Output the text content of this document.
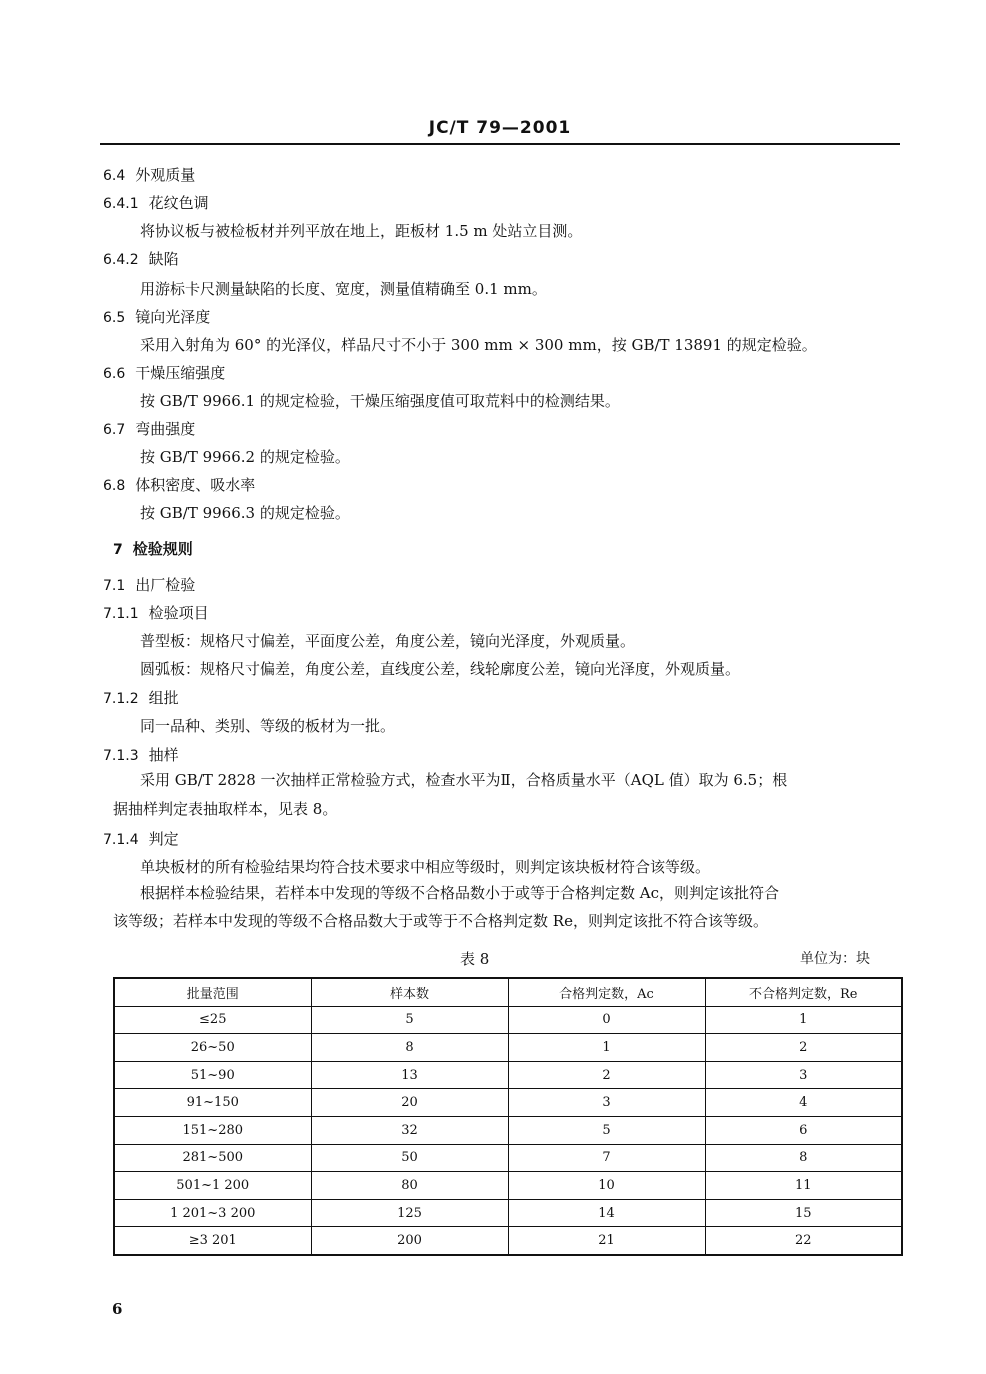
JC/T 79—2001
6.4 外观质量
6.4.1 花纹色调
将协议板与被检板材并列平放在地上，距板材 1.5 m 处站立目测。
6.4.2 缺陷
用游标卡尺测量缺陷的长度、宽度，测量值精确至 0.1 mm。
6.5 镜向光泽度
采用入射角为 60° 的光泽仪，样品尺寸不小于 300 mm × 300 mm，按 GB/T 13891 的规定检验。
6.6 干燥压缩强度
按 GB/T 9966.1 的规定检验，干燥压缩强度值可取荒料中的检测结果。
6.7 弯曲强度
按 GB/T 9966.2 的规定检验。
6.8 体积密度、吸水率
按 GB/T 9966.3 的规定检验。
7 检验规则
7.1 出厂检验
7.1.1 检验项目
普型板：规格尺寸偏差，平面度公差，角度公差，镜向光泽度，外观质量。
圆弧板：规格尺寸偏差，角度公差，直线度公差，线轮廓度公差，镜向光泽度，外观质量。
7.1.2 组批
同一品种、类别、等级的板材为一批。
7.1.3 抽样
采用 GB/T 2828 一次抽样正常检验方式，检查水平为Ⅱ，合格质量水平（AQL 值）取为 6.5；根
据抽样判定表抽取样本，见表 8。
7.1.4 判定
单块板材的所有检验结果均符合技术要求中相应等级时，则判定该块板材符合该等级。
根据样本检验结果，若样本中发现的等级不合格品数小于或等于合格判定数 Ac，则判定该批符合
该等级；若样本中发现的等级不合格品数大于或等于不合格判定数 Re，则判定该批不符合该等级。
表 8	单位为：块
批量范围	样本数	合格判定数，Ac	不合格判定数，Re
≤25	5	0	1
26~50	8	1	2
51~90	13	2	3
91~150	20	3	4
151~280	32	5	6
281~500	50	7	8
501~1 200	80	10	11
1 201~3 200	125	14	15
≥3 201	200	21	22
6
